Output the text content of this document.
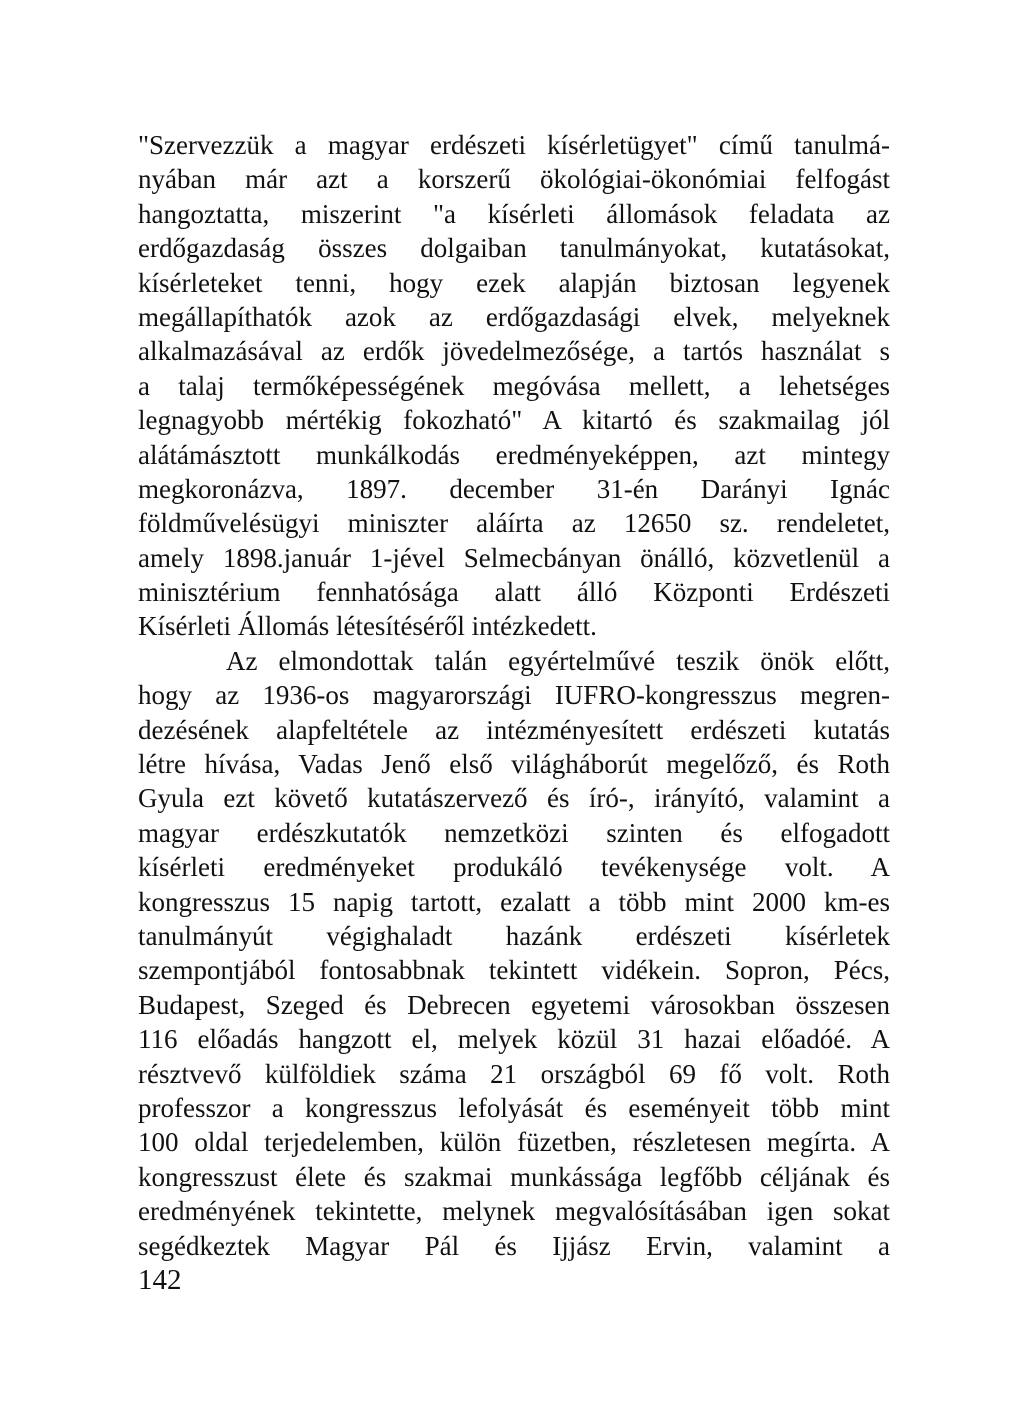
"Szervezzük a magyar erdészeti kísérletügyet" című tanulmá-
nyában már azt a korszerű ökológiai-ökonómiai felfogást
hangoztatta, miszerint "a kísérleti állomások feladata az
erdőgazdaság összes dolgaiban tanulmányokat, kutatásokat,
kísérleteket tenni, hogy ezek alapján biztosan legyenek
megállapíthatók azok az erdőgazdasági elvek, melyeknek
alkalmazásával az erdők jövedelmezősége, a tartós használat s
a talaj termőképességének megóvása mellett, a lehetséges
legnagyobb mértékig fokozható" A kitartó és szakmailag jól
alátámásztott munkálkodás eredményeképpen, azt mintegy
megkoronázva, 1897. december 31-én Darányi Ignác
földművelésügyi miniszter aláírta az 12650 sz. rendeletet,
amely 1898.január 1-jével Selmecbányan önálló, közvetlenül a
minisztérium fennhatósága alatt álló Központi Erdészeti
Kísérleti Állomás létesítéséről intézkedett.
Az elmondottak talán egyértelművé teszik önök előtt,
hogy az 1936-os magyarországi IUFRO-kongresszus megren-
dezésének alapfeltétele az intézményesített erdészeti kutatás
létre hívása, Vadas Jenő első világháborút megelőző, és Roth
Gyula ezt követő kutatászervező és író-, irányító, valamint a
magyar erdészkutatók nemzetközi szinten és elfogadott
kísérleti eredményeket produkáló tevékenysége volt. A
kongresszus 15 napig tartott, ezalatt a több mint 2000 km-es
tanulmányút végighaladt hazánk erdészeti kísérletek
szempontjából fontosabbnak tekintett vidékein. Sopron, Pécs,
Budapest, Szeged és Debrecen egyetemi városokban összesen
116 előadás hangzott el, melyek közül 31 hazai előadóé. A
résztvevő külföldiek száma 21 országból 69 fő volt. Roth
professzor a kongresszus lefolyását és eseményeit több mint
100 oldal terjedelemben, külön füzetben, részletesen megírta. A
kongresszust élete és szakmai munkássága legfőbb céljának és
eredményének tekintette, melynek megvalósításában igen sokat
segédkeztek Magyar Pál és Ijjász Ervin, valamint a
142
